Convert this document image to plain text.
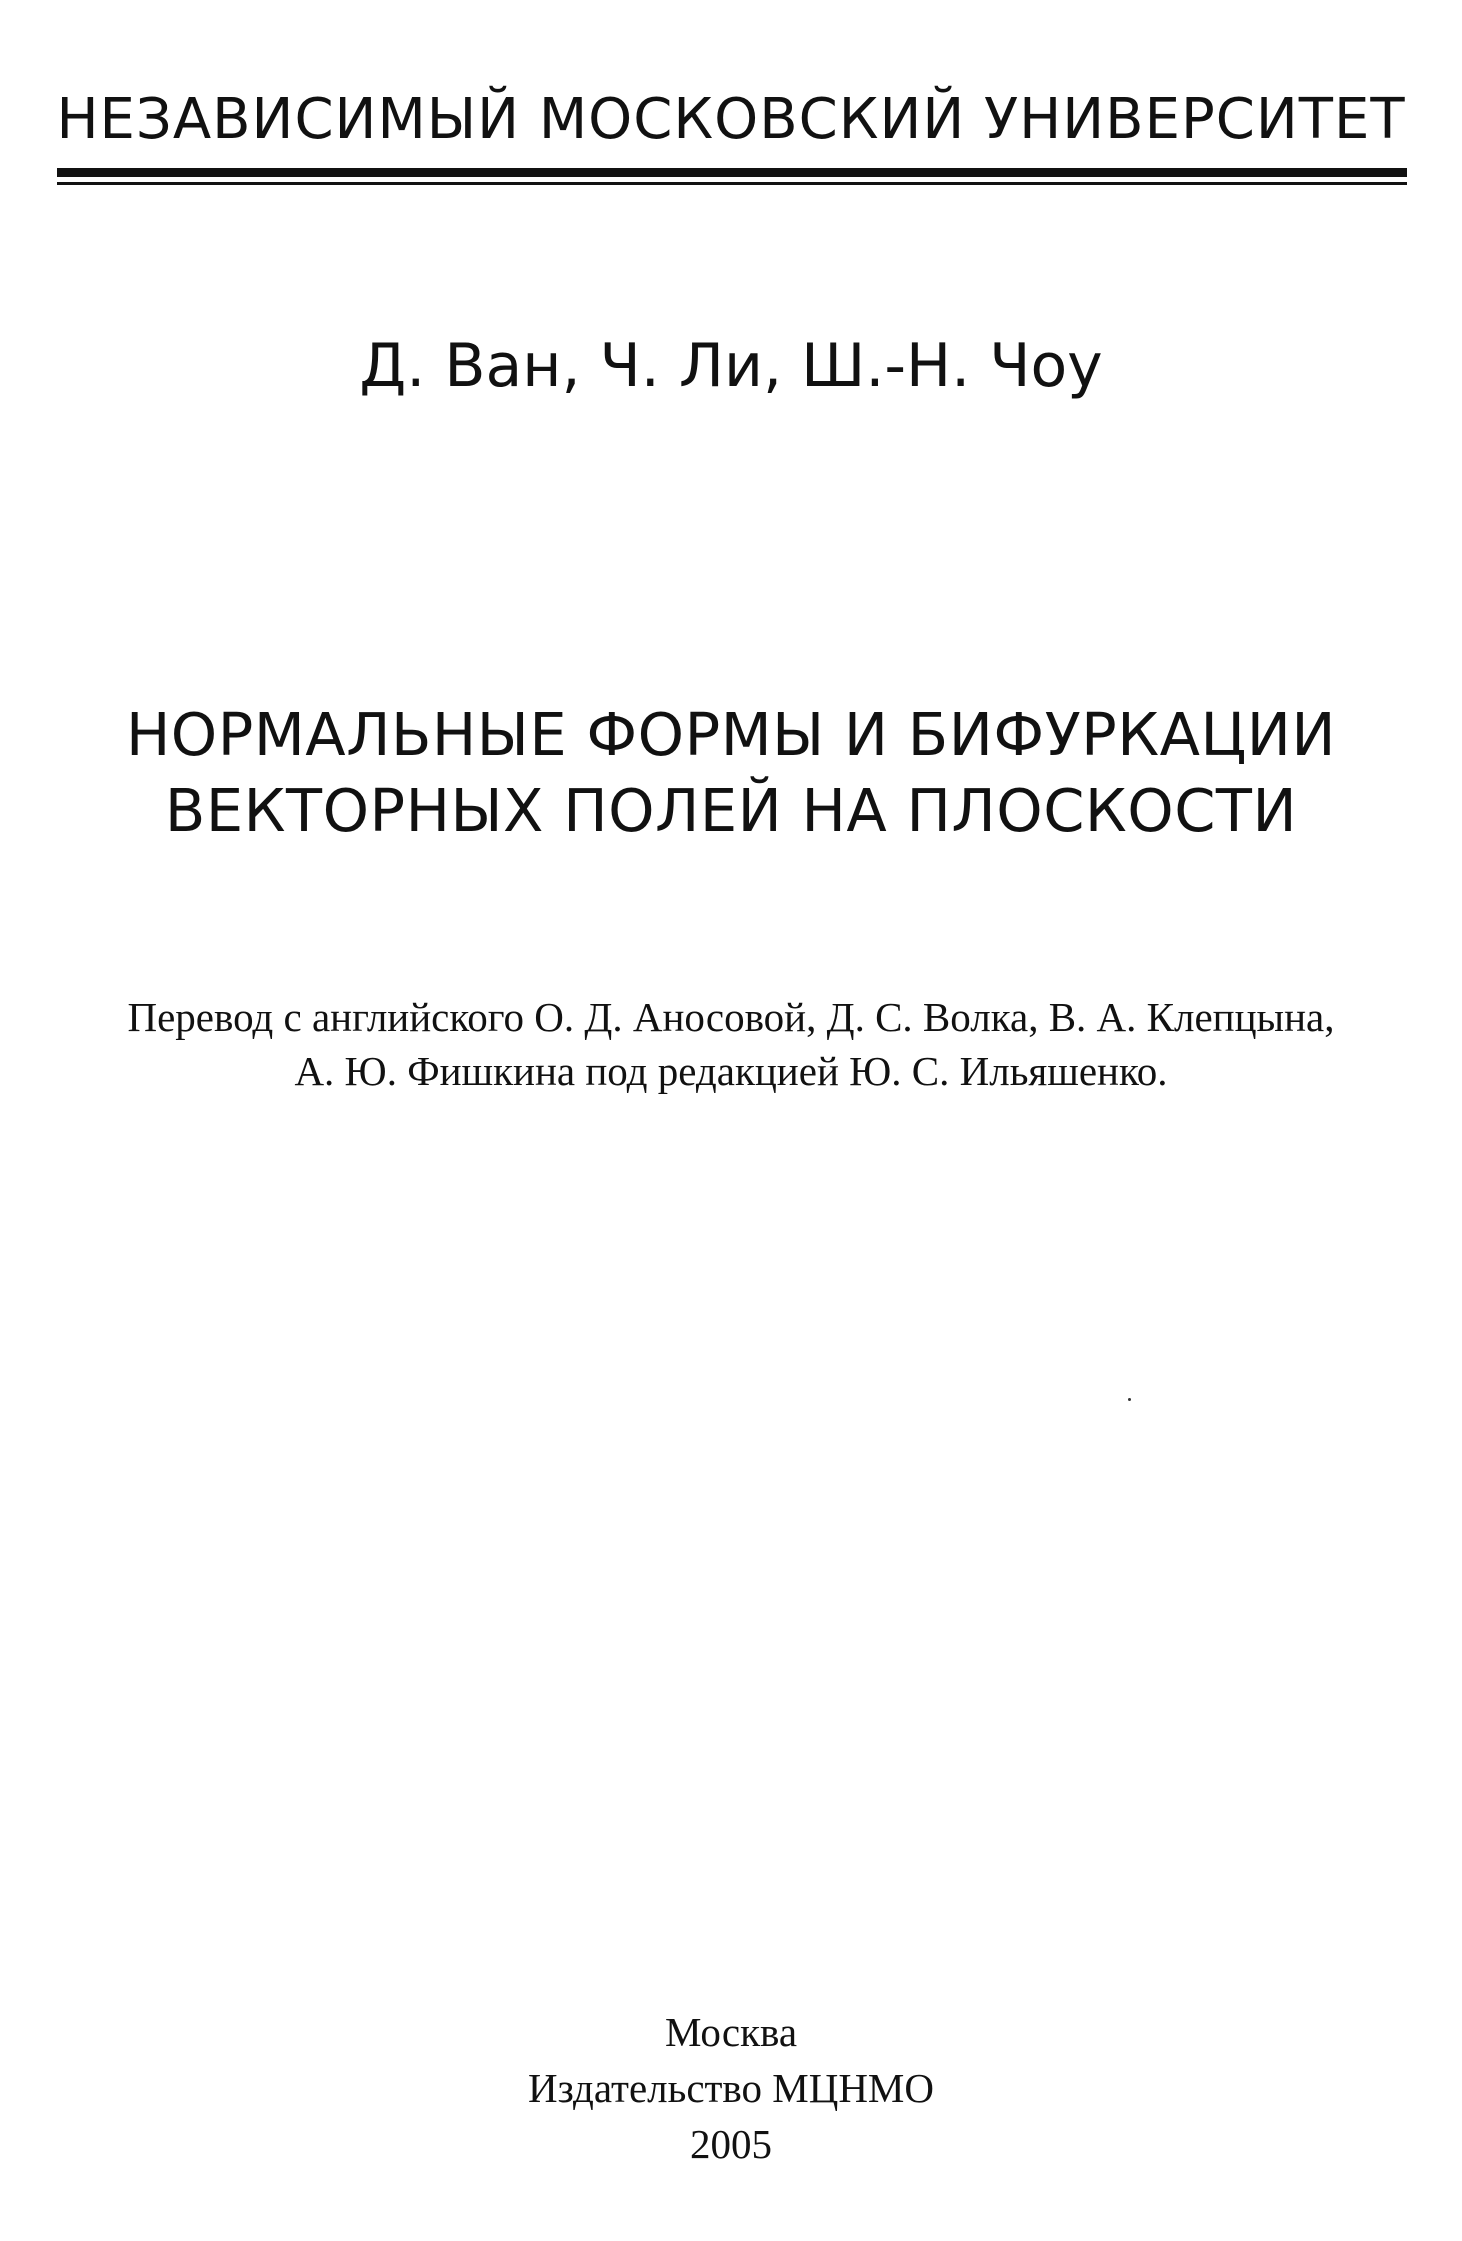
НЕЗАВИСИМЫЙ МОСКОВСКИЙ УНИВЕРСИТЕТ
Д. Ван, Ч. Ли, Ш.-Н. Чоу
НОРМАЛЬНЫЕ ФОРМЫ И БИФУРКАЦИИ
ВЕКТОРНЫХ ПОЛЕЙ НА ПЛОСКОСТИ
Перевод с английского О. Д. Аносовой, Д. С. Волка, В. А. Клепцына,
А. Ю. Фишкина под редакцией Ю. С. Ильяшенко.
Москва
Издательство МЦНМО
2005
